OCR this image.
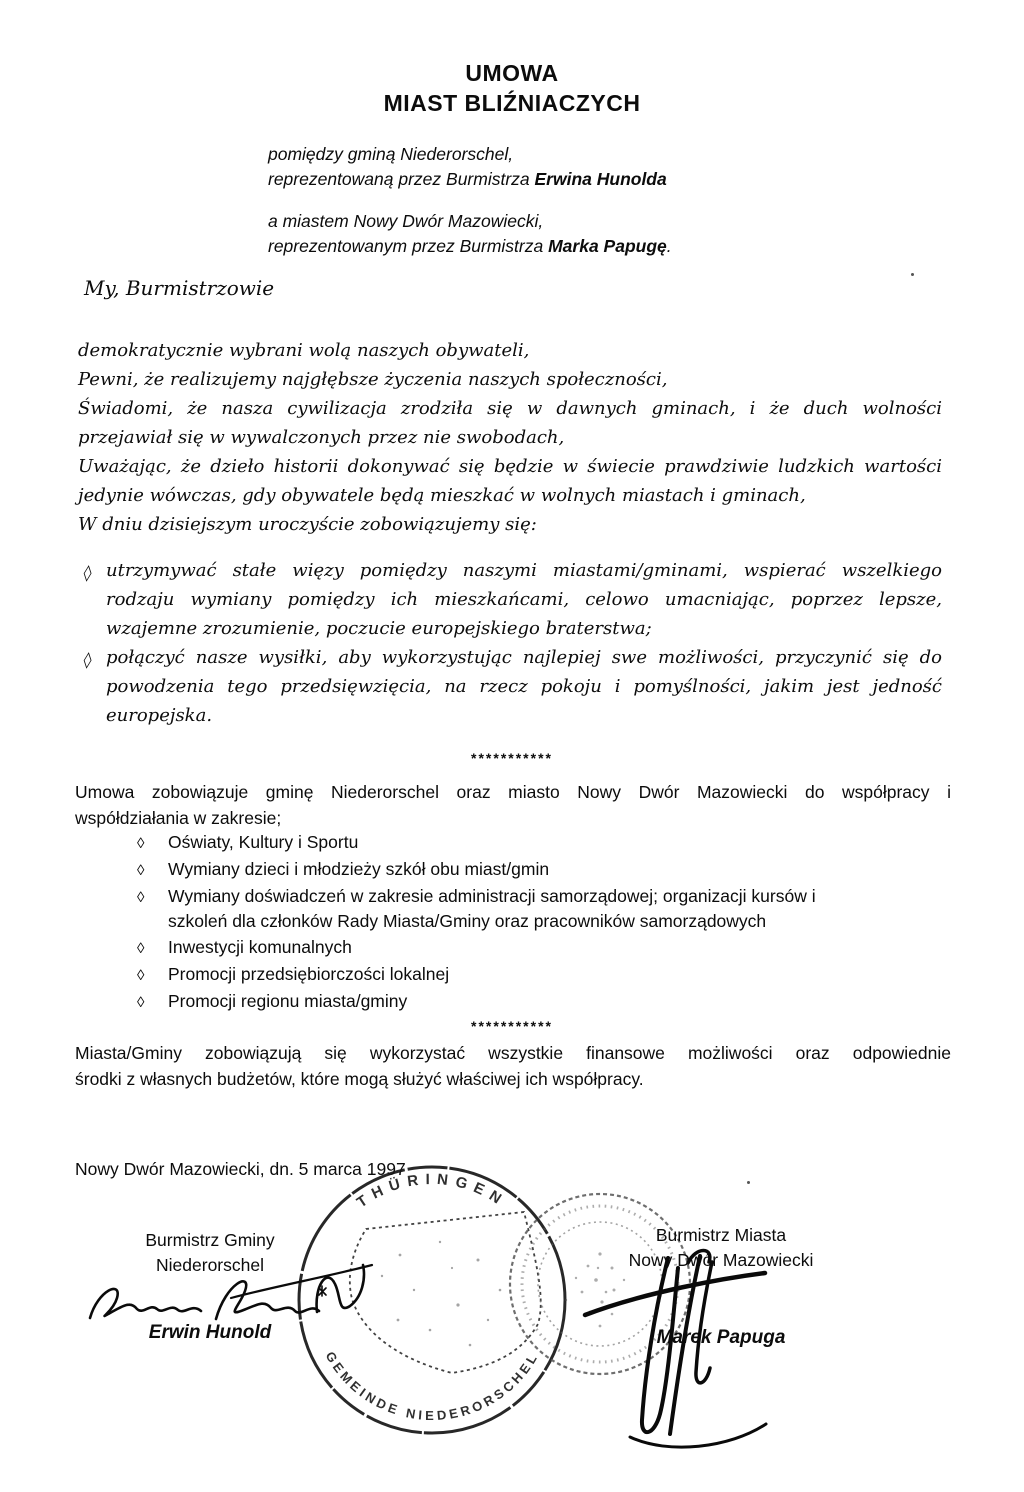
UMOWA
MIAST BLIŹNIACZYCH

pomiędzy gminą Niederorschel,

reprezentowaną przez Burmistrza Erwina Hunolda

a miastem Nowy Dwór Mazowiecki,

reprezentowanym przez Burmistrza Marka Papugę.

My, Burmistrzowie

demokratycznie wybrani wolą naszych obywateli,

Pewni, że realizujemy najgłębsze życzenia naszych społeczności,

Świadomi, że nasza cywilizacja zrodziła się w dawnych gminach, i że duch wolności

przejawiał się w wywalczonych przez nie swobodach,

Uważając, że dzieło historii dokonywać się będzie w świecie prawdziwie ludzkich wartości

jedynie wówczas, gdy obywatele będą mieszkać w wolnych miastach i gminach,

W dniu dzisiejszym uroczyście zobowiązujemy się:

◊ utrzymywać stałe więzy pomiędzy naszymi miastami/gminami, wspierać wszelkiego

rodzaju wymiany pomiędzy ich mieszkańcami, celowo umacniając, poprzez lepsze,

wzajemne zrozumienie, poczucie europejskiego braterstwa;

◊ połączyć nasze wysiłki, aby wykorzystując najlepiej swe możliwości, przyczynić się do

powodzenia tego przedsięwzięcia, na rzecz pokoju i pomyślności, jakim jest jedność

europejska.

***********

Umowa zobowiązuje gminę Niederorschel oraz miasto Nowy Dwór Mazowiecki do współpracy i

współdziałania w zakresie;

◊	Oświaty, Kultury i Sportu

◊	Wymiany dzieci i młodzieży szkół obu miast/gmin

◊	Wymiany doświadczeń w zakresie administracji samorządowej; organizacji kursów i

szkoleń dla członków Rady Miasta/Gminy oraz pracowników samorządowych

◊	Inwestycji komunalnych

◊	Promocji przedsiębiorczości lokalnej

◊	Promocji regionu miasta/gminy

***********

Miasta/Gminy zobowiązują się wykorzystać wszystkie finansowe możliwości oraz odpowiednie

środki z własnych budżetów, które mogą służyć właściwej ich współpracy.

Nowy Dwór Mazowiecki, dn. 5 marca 1997
THÜRINGEN
GEMEINDE NIEDERORSCHEL
Burmistrz Gminy
Niederorschel
Erwin Hunold
Burmistrz Miasta
Nowy Dwór Mazowiecki
Marek Papuga
